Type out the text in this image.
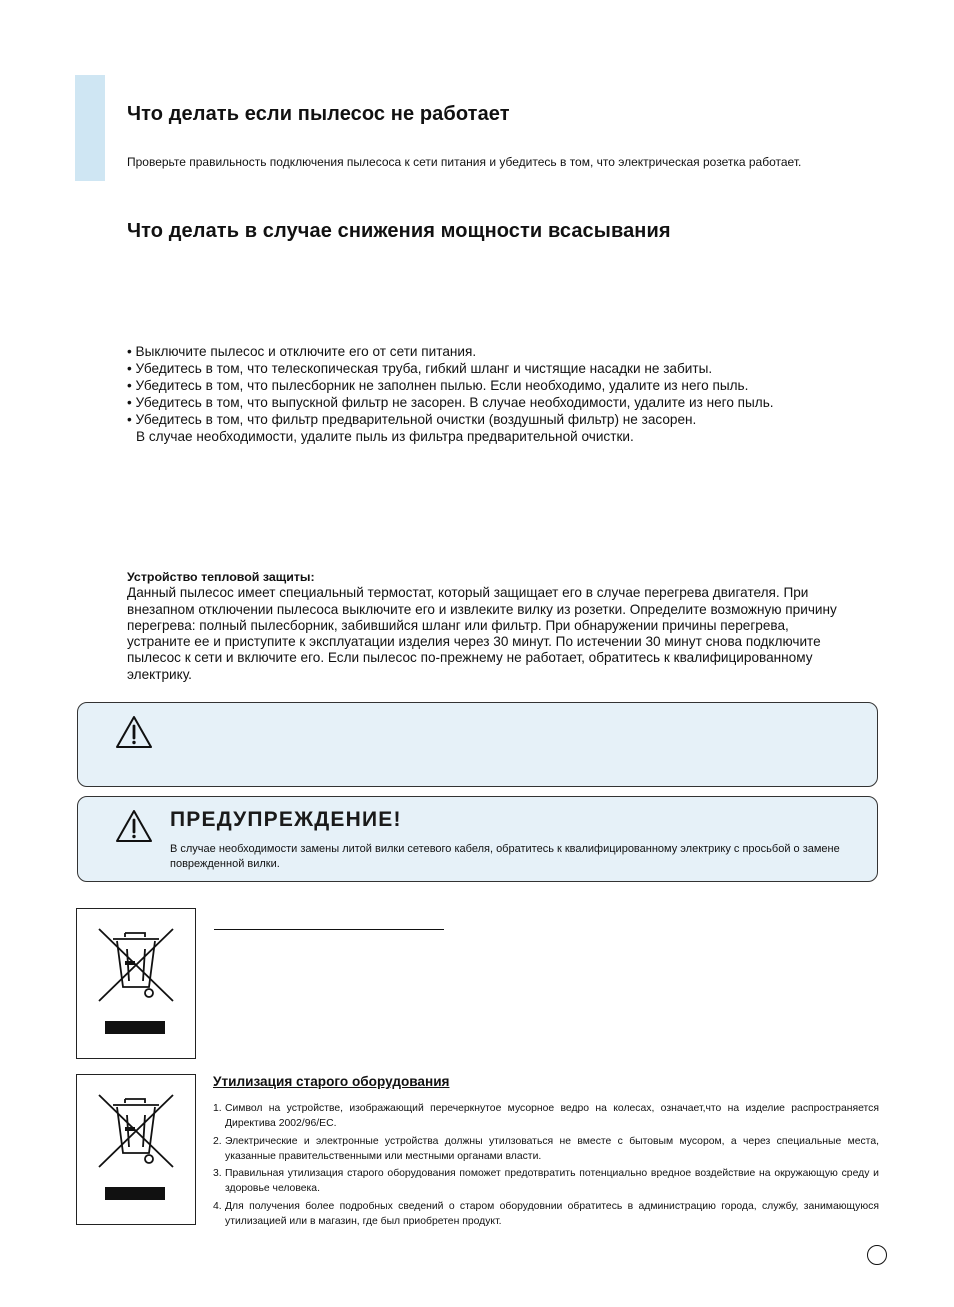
Что делать если пылесос не работает

Проверьте правильность подключения пылесоса к сети питания и убедитесь в том, что электрическая розетка работает.

Что делать в случае снижения мощности всасывания
• Выключите пылесос и отключите его от сети питания.
• Убедитесь в том, что телескопическая труба, гибкий шланг и чистящие насадки не забиты.
• Убедитесь в том, что пылесборник не заполнен пылью. Если необходимо, удалите из него пыль.
• Убедитесь в том, что выпускной фильтр не засорен. В случае необходимости, удалите из него пыль.
• Убедитесь в том, что фильтр предварительной очистки (воздушный фильтр) не засорен.
В случае необходимости, удалите пыль из фильтра предварительной очистки.
Устройство тепловой защиты:
Данный пылесос имеет специальный термостат, который защищает его в случае перегрева двигателя. При внезапном отключении пылесоса выключите его и извлеките вилку из розетки. Определите возможную причину перегрева: полный пылесборник, забившийся шланг или фильтр. При обнаружении причины перегрева, устраните ее и приступите к эксплуатации изделия через 30 минут. По истечении 30 минут снова подключите пылесос к сети и включите его. Если пылесос по-прежнему не работает, обратитесь к квалифицированному электрику.

ПРЕДУПРЕЖДЕНИЕ!

В случае необходимости замены литой вилки сетевого кабеля, обратитесь к квалифицированному электрику с просьбой о замене поврежденной вилки.

Утилизация старого оборудования

1. Символ на устройстве, изображающий перечеркнутое мусорное ведро на колесах, означает,что на изделие распространяется Директива 2002/96/EC.
2. Электрические и электронные устройства должны утилзоваться не вместе с бытовым мусором, а через специальные места, указанные правительственными или местными органами власти.
3. Правильная утилизация старого оборудования поможет предотвратить потенциально вредное воздействие на окружающую среду и здоровье человека.
4. Для получения более подробных сведений о старом оборудовнии обратитесь в администрацию города, службу, занимающуюся утилизацией или в магазин, где был приобретен продукт.
